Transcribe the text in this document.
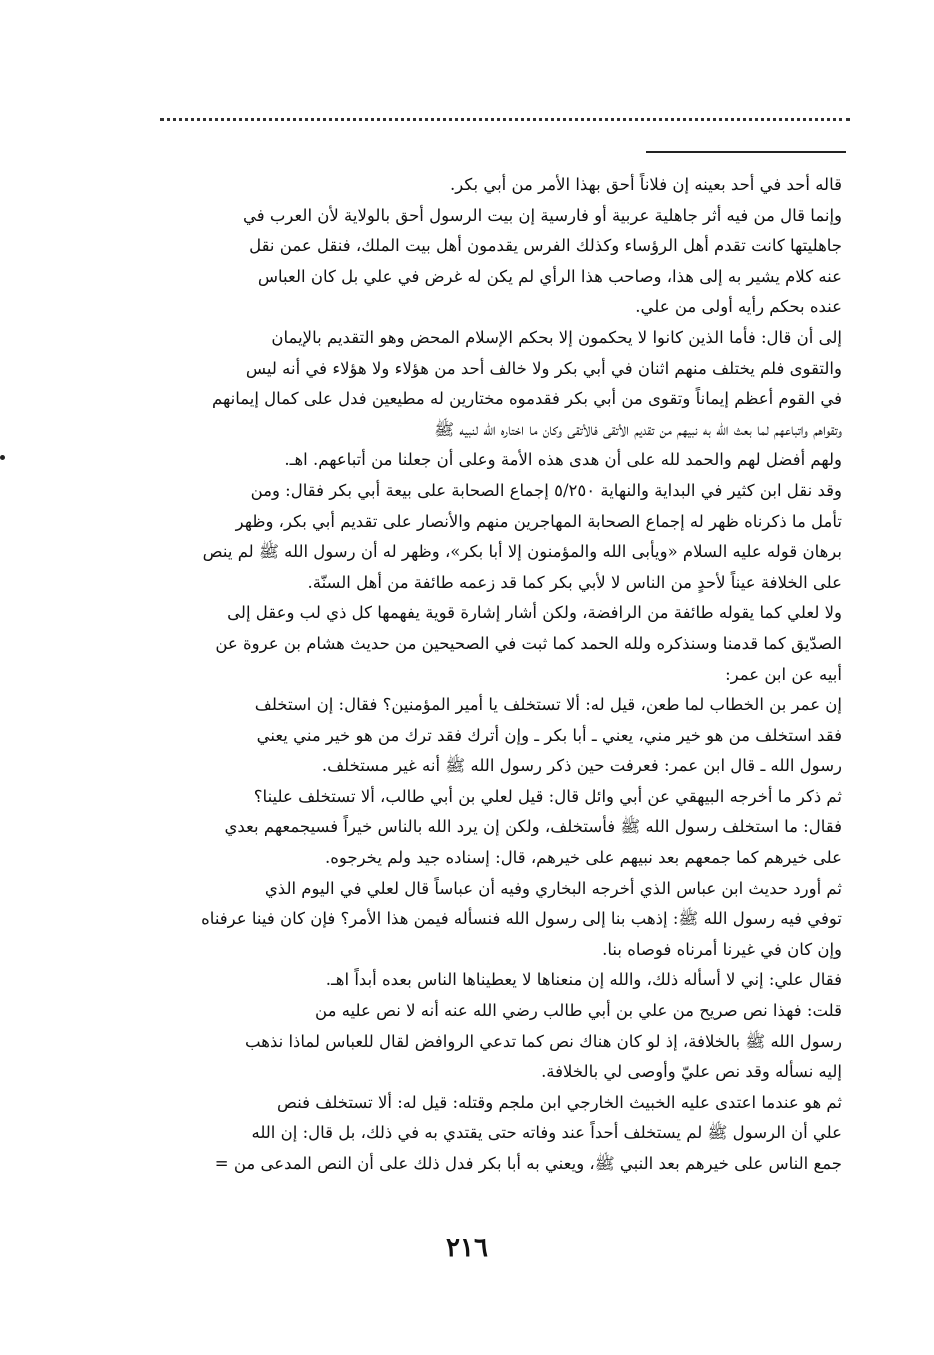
قاله أحد في أحد بعينه إن فلاناً أحق بهذا الأمر من أبي بكر.
وإنما قال من فيه أثر جاهلية عربية أو فارسية إن بيت الرسول أحق بالولاية لأن العرب في
جاهليتها كانت تقدم أهل الرؤساء وكذلك الفرس يقدمون أهل بيت الملك، فنقل عمن نقل
عنه كلام يشير به إلى هذا، وصاحب هذا الرأي لم يكن له غرض في علي بل كان العباس
عنده بحكم رأيه أولى من علي.
إلى أن قال: فأما الذين كانوا لا يحكمون إلا بحكم الإسلام المحض وهو التقديم بالإيمان
والتقوى فلم يختلف منهم اثنان في أبي بكر ولا خالف أحد من هؤلاء ولا هؤلاء في أنه ليس
في القوم أعظم إيماناً وتقوى من أبي بكر فقدموه مختارين له مطيعين فدل على كمال إيمانهم
وتقواهم واتباعهم لما بعث الله به نبيهم من تقديم الأتقى فالأتقى وكان ما اختاره الله لنبيه ﷺ
ولهم أفضل لهم والحمد لله على أن هدى هذه الأمة وعلى أن جعلنا من أتباعهم. اهـ.
وقد نقل ابن كثير في البداية والنهاية ٥/٢٥٠ إجماع الصحابة على بيعة أبي بكر فقال: ومن
تأمل ما ذكرناه ظهر له إجماع الصحابة المهاجرين منهم والأنصار على تقديم أبي بكر، وظهر
برهان قوله عليه السلام «ويأبى الله والمؤمنون إلا أبا بكر»، وظهر له أن رسول الله ﷺ لم ينص
على الخلافة عيناً لأحدٍ من الناس لا لأبي بكر كما قد زعمه طائفة من أهل السنّة.
ولا لعلي كما يقوله طائفة من الرافضة، ولكن أشار إشارة قوية يفهمها كل ذي لب وعقل إلى
الصدّيق كما قدمنا وسنذكره ولله الحمد كما ثبت في الصحيحين من حديث هشام بن عروة عن
أبيه عن ابن عمر:
إن عمر بن الخطاب لما طعن، قيل له: ألا تستخلف يا أمير المؤمنين؟ فقال: إن استخلف
فقد استخلف من هو خير مني، يعني ـ أبا بكر ـ وإن أترك فقد ترك من هو خير مني يعني
رسول الله ـ قال ابن عمر: فعرفت حين ذكر رسول الله ﷺ أنه غير مستخلف.
ثم ذكر ما أخرجه البيهقي عن أبي وائل قال: قيل لعلي بن أبي طالب، ألا تستخلف علينا؟
فقال: ما استخلف رسول الله ﷺ فأستخلف، ولكن إن يرد الله بالناس خيراً فسيجمعهم بعدي
على خيرهم كما جمعهم بعد نبيهم على خيرهم، قال: إسناده جيد ولم يخرجوه.
ثم أورد حديث ابن عباس الذي أخرجه البخاري وفيه أن عباساً قال لعلي في اليوم الذي
توفي فيه رسول الله ﷺ: إذهب بنا إلى رسول الله فنسأله فيمن هذا الأمر؟ فإن كان فينا عرفناه
وإن كان في غيرنا أمرناه فوصاه بنا.
فقال علي: إني لا أسأله ذلك، والله إن منعناها لا يعطيناها الناس بعده أبداً اهـ.
قلت: فهذا نص صريح من علي بن أبي طالب رضي الله عنه أنه لا نص عليه من
رسول الله ﷺ بالخلافة، إذ لو كان هناك نص كما تدعي الروافض لقال للعباس لماذا نذهب
إليه نسأله وقد نص عليّ وأوصى لي بالخلافة.
ثم هو عندما اعتدى عليه الخبيث الخارجي ابن ملجم وقتله: قيل له: ألا تستخلف فنص
علي أن الرسول ﷺ لم يستخلف أحداً عند وفاته حتى يقتدي به في ذلك، بل قال: إن الله
جمع الناس على خيرهم بعد النبي ﷺ، ويعني به أبا بكر فدل ذلك على أن النص المدعى من =
٢١٦
